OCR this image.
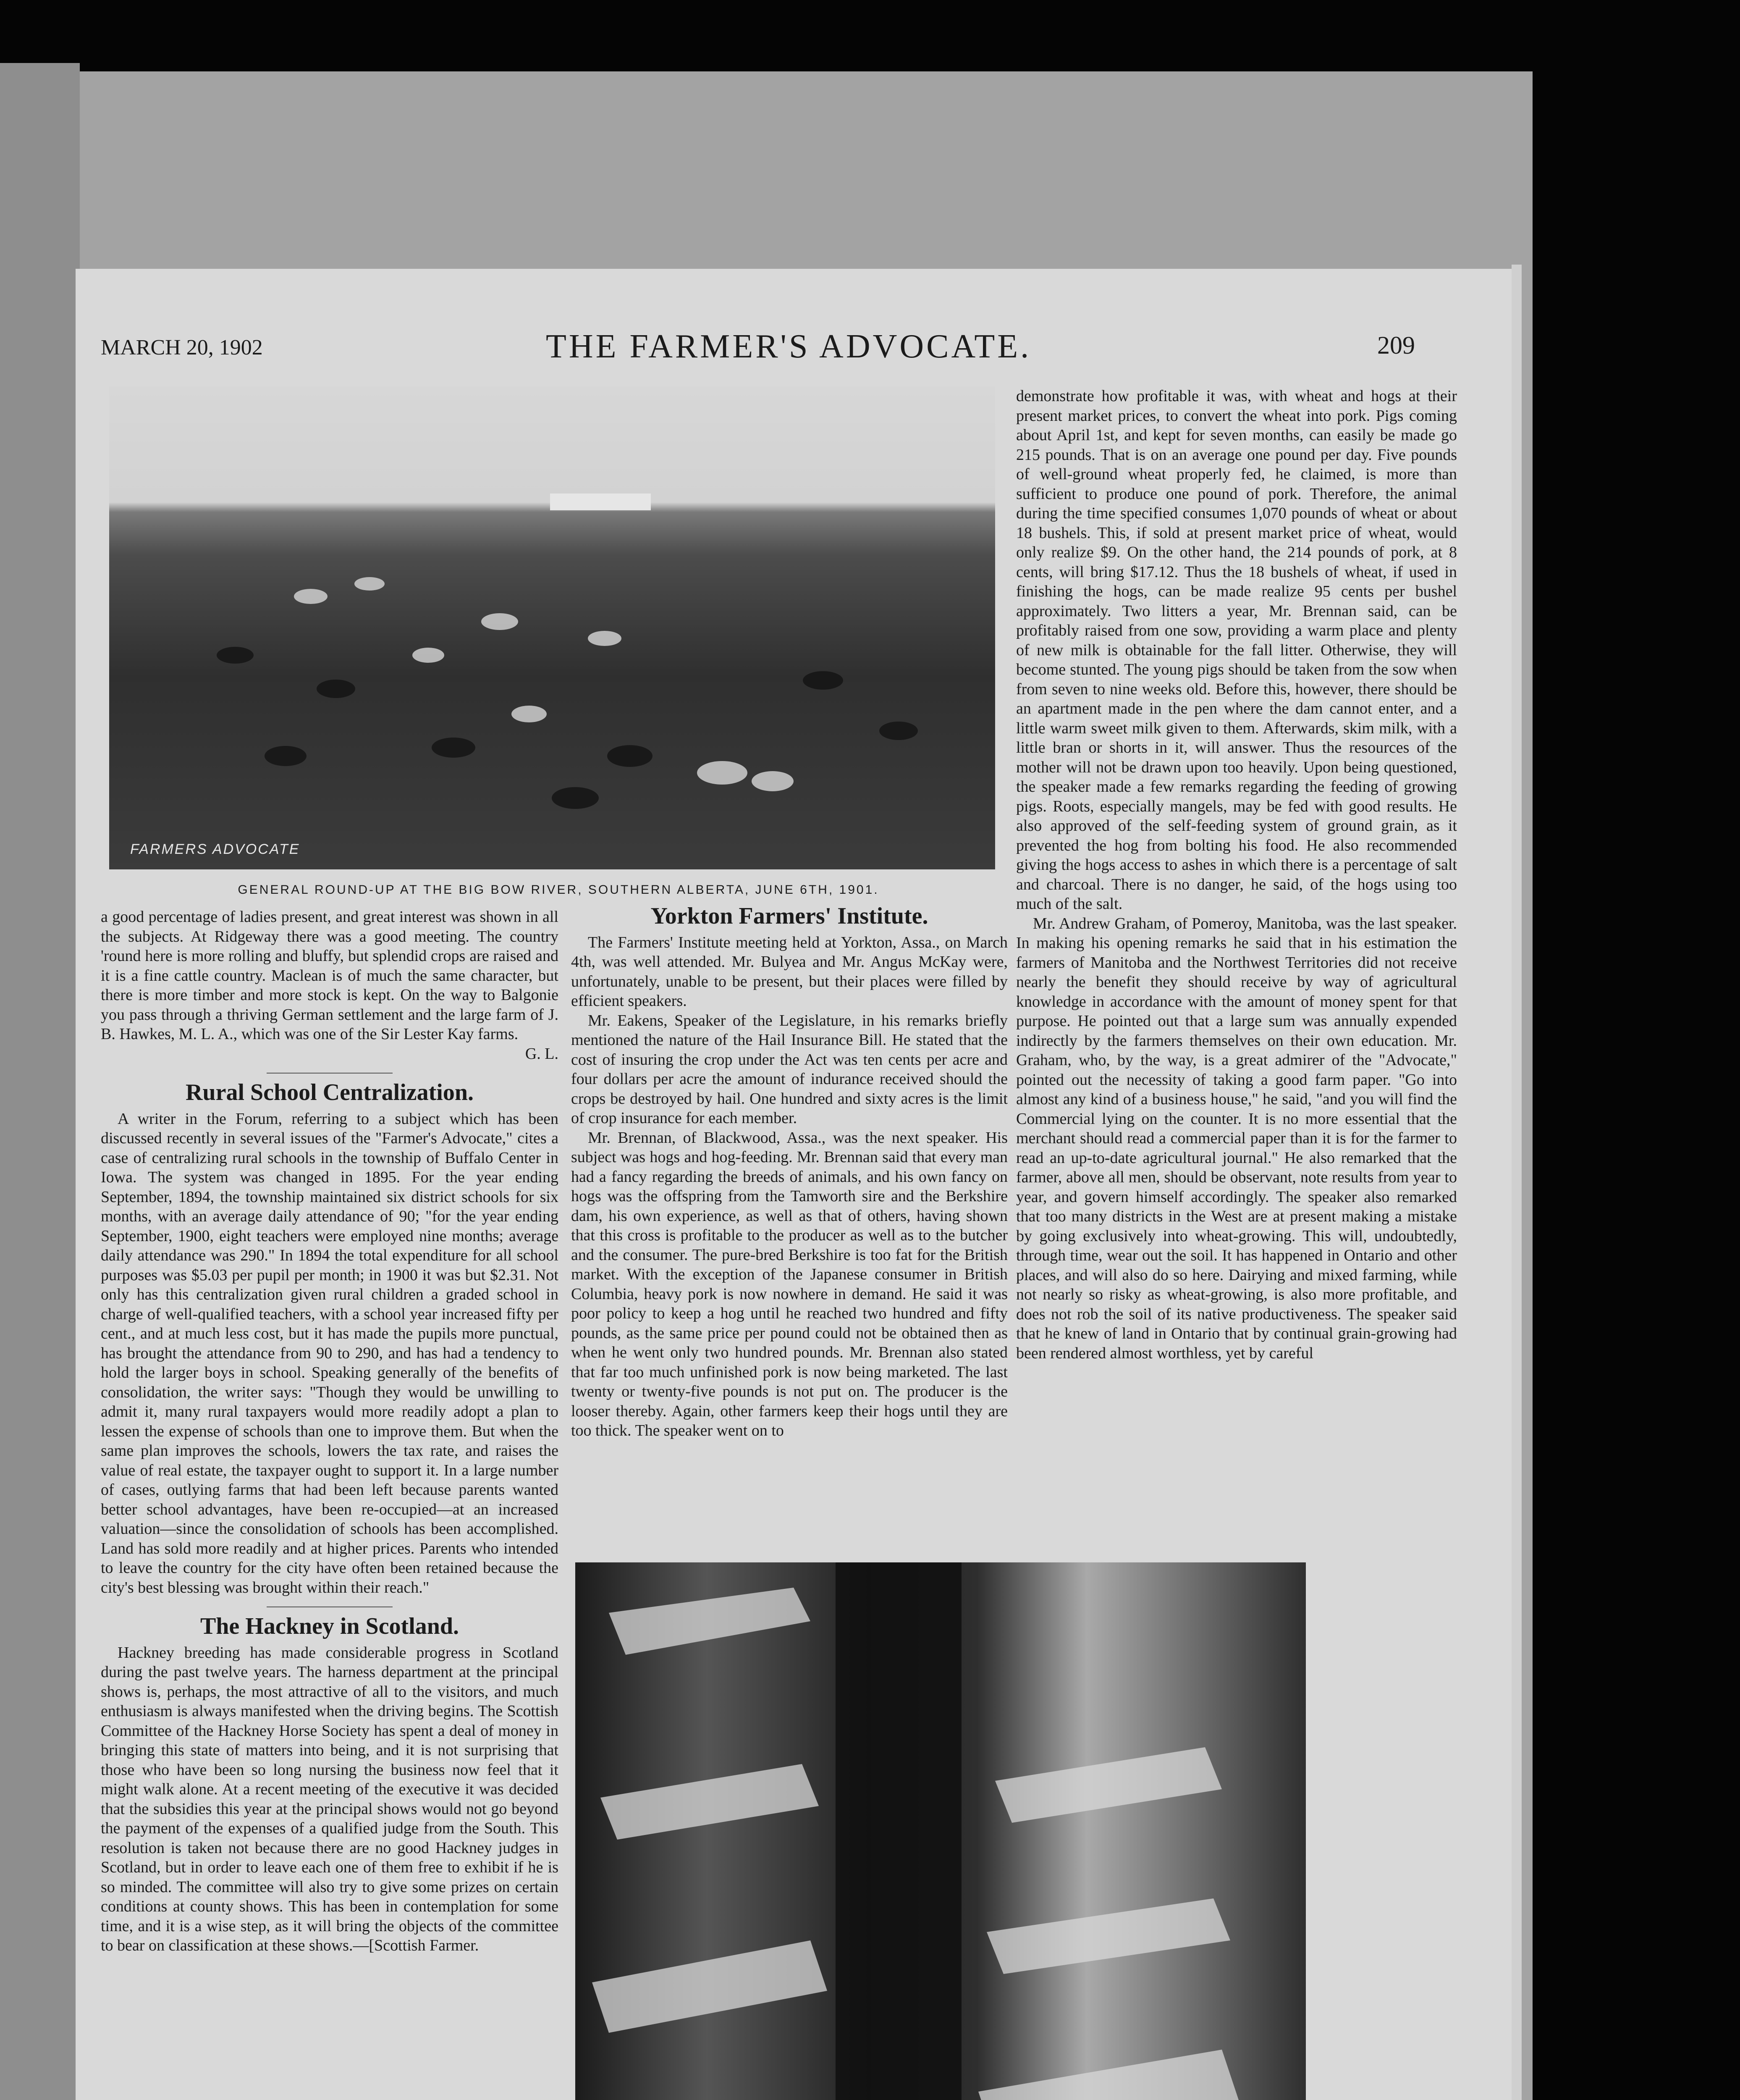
MARCH 20, 1902	THE FARMER'S ADVOCATE.	209
FARMERS ADVOCATE
GENERAL ROUND-UP AT THE BIG BOW RIVER, SOUTHERN ALBERTA, JUNE 6TH, 1901.

a good percentage of ladies present, and great interest was shown in all the subjects. At Ridgeway there was a good meeting. The country 'round here is more rolling and bluffy, but splendid crops are raised and it is a fine cattle country. Maclean is of much the same character, but there is more timber and more stock is kept. On the way to Balgonie you pass through a thriving German settlement and the large farm of J. B. Hawkes, M. L. A., which was one of the Sir Lester Kay farms.

G. L.
Rural School Centralization.

A writer in the Forum, referring to a subject which has been discussed recently in several issues of the "Farmer's Advocate," cites a case of centralizing rural schools in the township of Buffalo Center in Iowa. The system was changed in 1895. For the year ending September, 1894, the township maintained six district schools for six months, with an average daily attendance of 90; "for the year ending September, 1900, eight teachers were employed nine months; average daily attendance was 290." In 1894 the total expenditure for all school purposes was $5.03 per pupil per month; in 1900 it was but $2.31. Not only has this centralization given rural children a graded school in charge of well-qualified teachers, with a school year increased fifty per cent., and at much less cost, but it has made the pupils more punctual, has brought the attendance from 90 to 290, and has had a tendency to hold the larger boys in school. Speaking generally of the benefits of consolidation, the writer says: "Though they would be unwilling to admit it, many rural taxpayers would more readily adopt a plan to lessen the expense of schools than one to improve them. But when the same plan improves the schools, lowers the tax rate, and raises the value of real estate, the taxpayer ought to support it. In a large number of cases, outlying farms that had been left because parents wanted better school advantages, have been re-occupied—at an increased valuation—since the consolidation of schools has been accomplished. Land has sold more readily and at higher prices. Parents who intended to leave the country for the city have often been retained because the city's best blessing was brought within their reach."

The Hackney in Scotland.

Hackney breeding has made considerable progress in Scotland during the past twelve years. The harness department at the principal shows is, perhaps, the most attractive of all to the visitors, and much enthusiasm is always manifested when the driving begins. The Scottish Committee of the Hackney Horse Society has spent a deal of money in bringing this state of matters into being, and it is not surprising that those who have been so long nursing the business now feel that it might walk alone. At a recent meeting of the executive it was decided that the subsidies this year at the principal shows would not go beyond the payment of the expenses of a qualified judge from the South. This resolution is taken not because there are no good Hackney judges in Scotland, but in order to leave each one of them free to exhibit if he is so minded. The committee will also try to give some prizes on certain conditions at county shows. This has been in contemplation for some time, and it is a wise step, as it will bring the objects of the committee to bear on classification at these shows.—[Scottish Farmer.

Yorkton Farmers' Institute.

The Farmers' Institute meeting held at Yorkton, Assa., on March 4th, was well attended. Mr. Bulyea and Mr. Angus McKay were, unfortunately, unable to be present, but their places were filled by efficient speakers.

Mr. Eakens, Speaker of the Legislature, in his remarks briefly mentioned the nature of the Hail Insurance Bill. He stated that the cost of insuring the crop under the Act was ten cents per acre and four dollars per acre the amount of indurance received should the crops be destroyed by hail. One hundred and sixty acres is the limit of crop insurance for each member.

Mr. Brennan, of Blackwood, Assa., was the next speaker. His subject was hogs and hog-feeding. Mr. Brennan said that every man had a fancy regarding the breeds of animals, and his own fancy on hogs was the offspring from the Tamworth sire and the Berkshire dam, his own experience, as well as that of others, having shown that this cross is profitable to the producer as well as to the butcher and the consumer. The pure-bred Berkshire is too fat for the British market. With the exception of the Japanese consumer in British Columbia, heavy pork is now nowhere in demand. He said it was poor policy to keep a hog until he reached two hundred and fifty pounds, as the same price per pound could not be obtained then as when he went only two hundred pounds. Mr. Brennan also stated that far too much unfinished pork is now being marketed. The last twenty or twenty-five pounds is not put on. The producer is the looser thereby. Again, other farmers keep their hogs until they are too thick. The speaker went on to

demonstrate how profitable it was, with wheat and hogs at their present market prices, to convert the wheat into pork. Pigs coming about April 1st, and kept for seven months, can easily be made go 215 pounds. That is on an average one pound per day. Five pounds of well-ground wheat properly fed, he claimed, is more than sufficient to produce one pound of pork. Therefore, the animal during the time specified consumes 1,070 pounds of wheat or about 18 bushels. This, if sold at present market price of wheat, would only realize $9. On the other hand, the 214 pounds of pork, at 8 cents, will bring $17.12. Thus the 18 bushels of wheat, if used in finishing the hogs, can be made realize 95 cents per bushel approximately. Two litters a year, Mr. Brennan said, can be profitably raised from one sow, providing a warm place and plenty of new milk is obtainable for the fall litter. Otherwise, they will become stunted. The young pigs should be taken from the sow when from seven to nine weeks old. Before this, however, there should be an apartment made in the pen where the dam cannot enter, and a little warm sweet milk given to them. Afterwards, skim milk, with a little bran or shorts in it, will answer. Thus the resources of the mother will not be drawn upon too heavily. Upon being questioned, the speaker made a few remarks regarding the feeding of growing pigs. Roots, especially mangels, may be fed with good results. He also approved of the self-feeding system of ground grain, as it prevented the hog from bolting his food. He also recommended giving the hogs access to ashes in which there is a percentage of salt and charcoal. There is no danger, he said, of the hogs using too much of the salt.

Mr. Andrew Graham, of Pomeroy, Manitoba, was the last speaker. In making his opening remarks he said that in his estimation the farmers of Manitoba and the Northwest Territories did not receive nearly the benefit they should receive by way of agricultural knowledge in accordance with the amount of money spent for that purpose. He pointed out that a large sum was annually expended indirectly by the farmers themselves on their own education. Mr. Graham, who, by the way, is a great admirer of the "Advocate," pointed out the necessity of taking a good farm paper. "Go into almost any kind of a business house," he said, "and you will find the Commercial lying on the counter. It is no more essential that the merchant should read a commercial paper than it is for the farmer to read an up-to-date agricultural journal." He also remarked that the farmer, above all men, should be observant, note results from year to year, and govern himself accordingly. The speaker also remarked that too many districts in the West are at present making a mistake by going exclusively into wheat-growing. This will, undoubtedly, through time, wear out the soil. It has happened in Ontario and other places, and will also do so here. Dairying and mixed farming, while not nearly so risky as wheat-growing, is also more profitable, and does not rob the soil of its native productiveness. The speaker said that he knew of land in Ontario that by continual grain-growing had been rendered almost worthless, yet by careful
